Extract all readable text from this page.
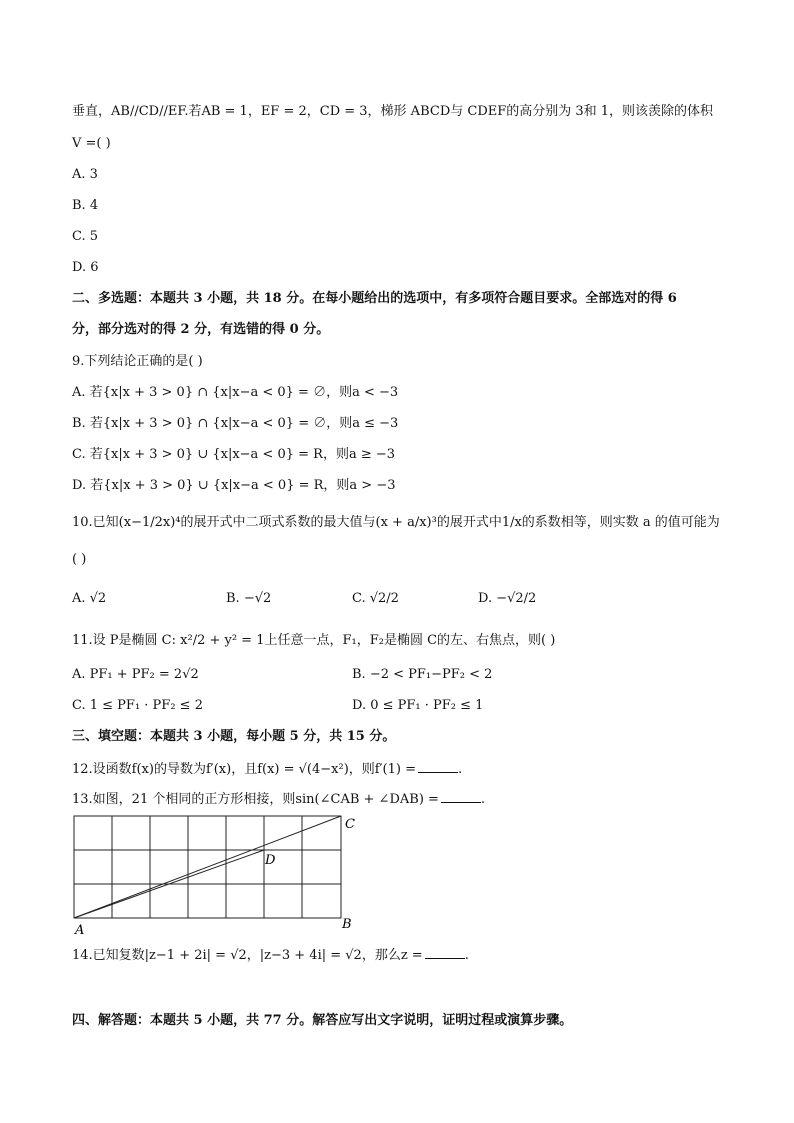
垂直，AB//CD//EF.若AB = 1，EF = 2，CD = 3，梯形 ABCD与 CDEF的高分别为 3和 1，则该羡除的体积
V =( )
A. 3
B. 4
C. 5
D. 6
二、多选题：本题共 3 小题，共 18 分。在每小题给出的选项中，有多项符合题目要求。全部选对的得 6
分，部分选对的得 2 分，有选错的得 0 分。
9.下列结论正确的是( )
A. 若{x|x + 3 > 0} ∩ {x|x−a < 0} = ∅，则a < −3
B. 若{x|x + 3 > 0} ∩ {x|x−a < 0} = ∅，则a ≤ −3
C. 若{x|x + 3 > 0} ∪ {x|x−a < 0} = R，则a ≥ −3
D. 若{x|x + 3 > 0} ∪ {x|x−a < 0} = R，则a > −3
10.已知(x−1/2x)⁴的展开式中二项式系数的最大值与(x + a/x)³的展开式中1/x的系数相等，则实数 a 的值可能为
( )
A. √2	B. −√2	C. √2/2	D. −√2/2
11.设 P是椭圆 C: x²/2 + y² = 1上任意一点，F₁，F₂是椭圆 C的左、右焦点，则( )
A. PF₁ + PF₂ = 2√2	B. −2 < PF₁−PF₂ < 2
C. 1 ≤ PF₁ · PF₂ ≤ 2	D. 0 ≤ PF₁ · PF₂ ≤ 1
三、填空题：本题共 3 小题，每小题 5 分，共 15 分。
12.设函数f(x)的导数为f′(x)，且f(x) = √(4−x²)，则f′(1) =	.
13.如图，21 个相同的正方形相接，则sin(∠CAB + ∠DAB) =	.
A	B
C
D
14.已知复数|z−1 + 2i| = √2，|z−3 + 4i| = √2，那么z =	.
四、解答题：本题共 5 小题，共 77 分。解答应写出文字说明，证明过程或演算步骤。
